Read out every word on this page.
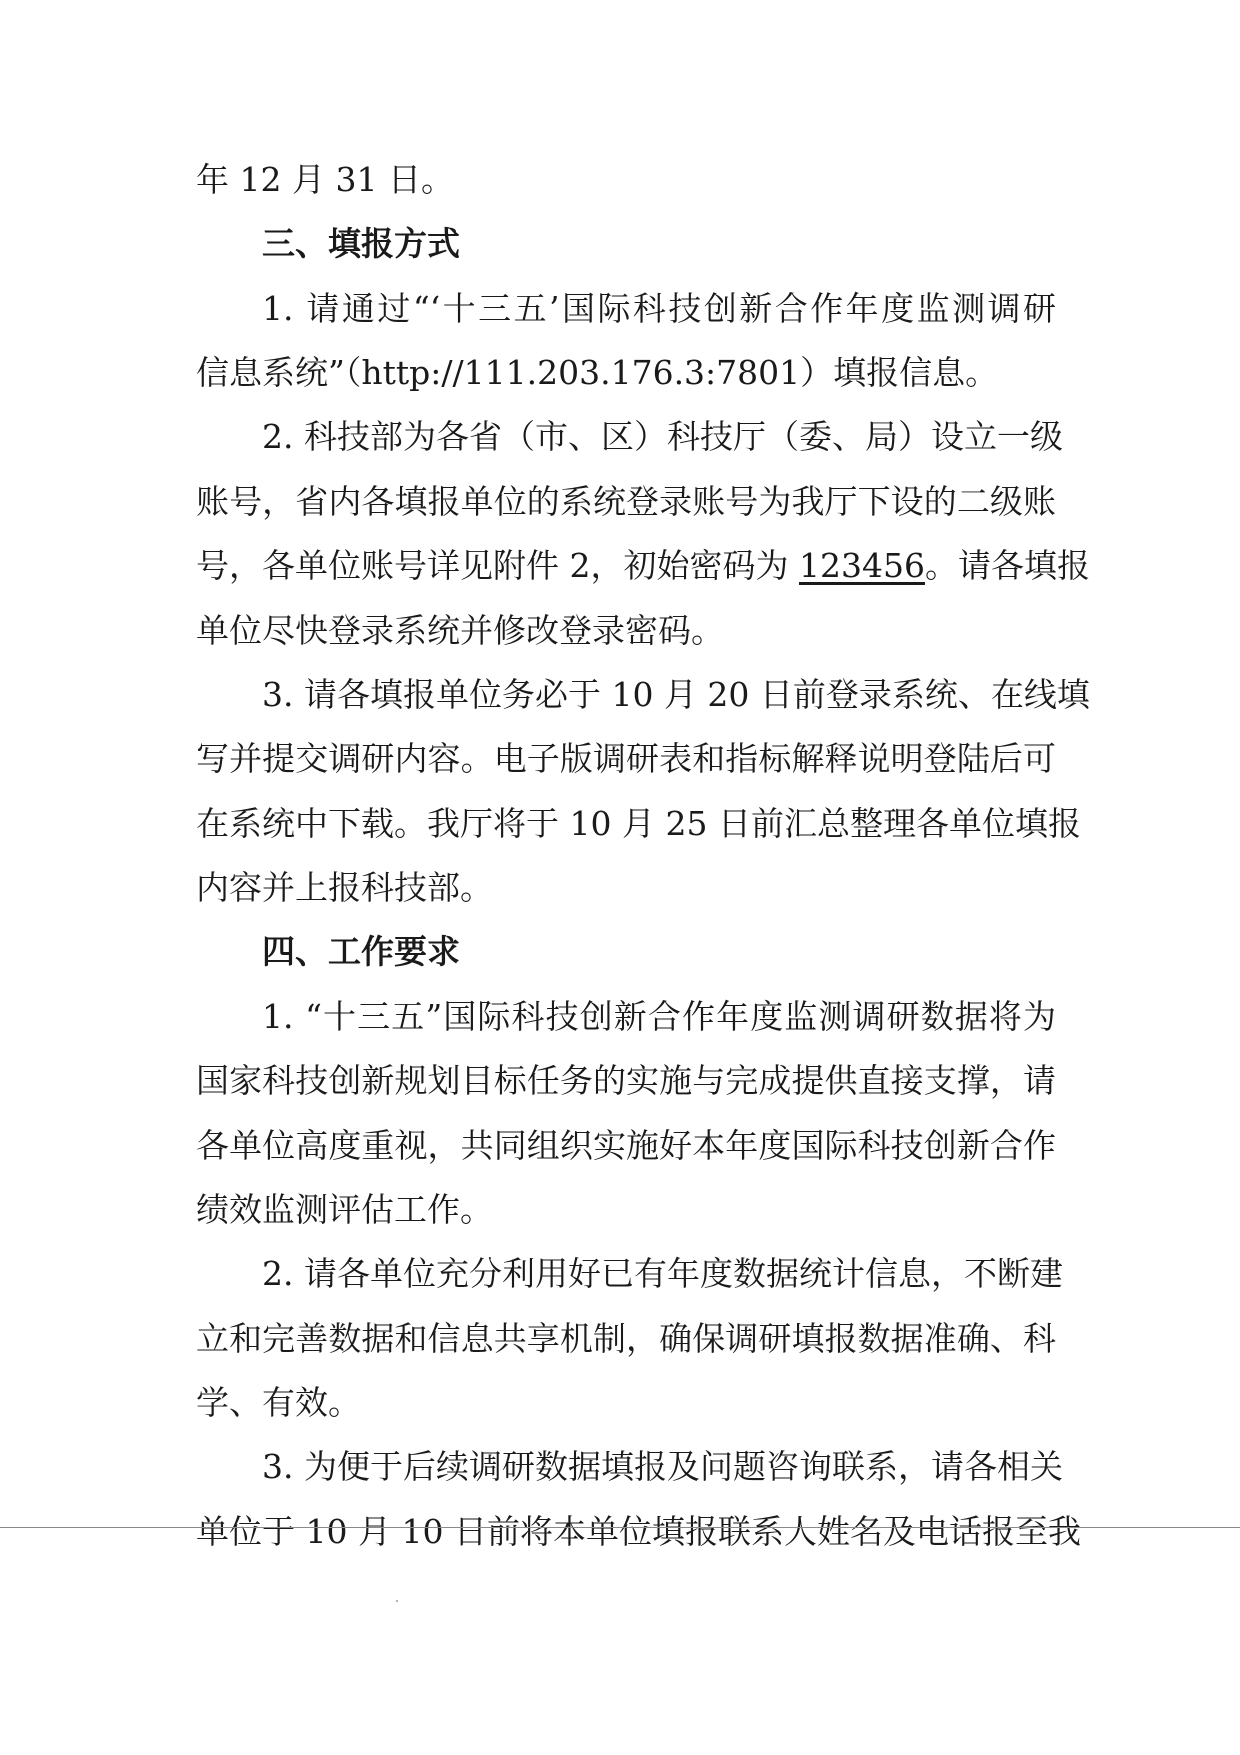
年 12 月 31 日。
三、填报方式
1. 请通过“‘十三五’国际科技创新合作年度监测调研
信息系统”（http://111.203.176.3:7801）填报信息。
2. 科技部为各省（市、区）科技厅（委、局）设立一级
账号，省内各填报单位的系统登录账号为我厅下设的二级账
号，各单位账号详见附件 2，初始密码为 123456。请各填报
单位尽快登录系统并修改登录密码。
3. 请各填报单位务必于 10 月 20 日前登录系统、在线填
写并提交调研内容。电子版调研表和指标解释说明登陆后可
在系统中下载。我厅将于 10 月 25 日前汇总整理各单位填报
内容并上报科技部。
四、工作要求
1. “十三五”国际科技创新合作年度监测调研数据将为
国家科技创新规划目标任务的实施与完成提供直接支撑，请
各单位高度重视，共同组织实施好本年度国际科技创新合作
绩效监测评估工作。
2. 请各单位充分利用好已有年度数据统计信息，不断建
立和完善数据和信息共享机制，确保调研填报数据准确、科
学、有效。
3. 为便于后续调研数据填报及问题咨询联系，请各相关
单位于 10 月 10 日前将本单位填报联系人姓名及电话报至我
